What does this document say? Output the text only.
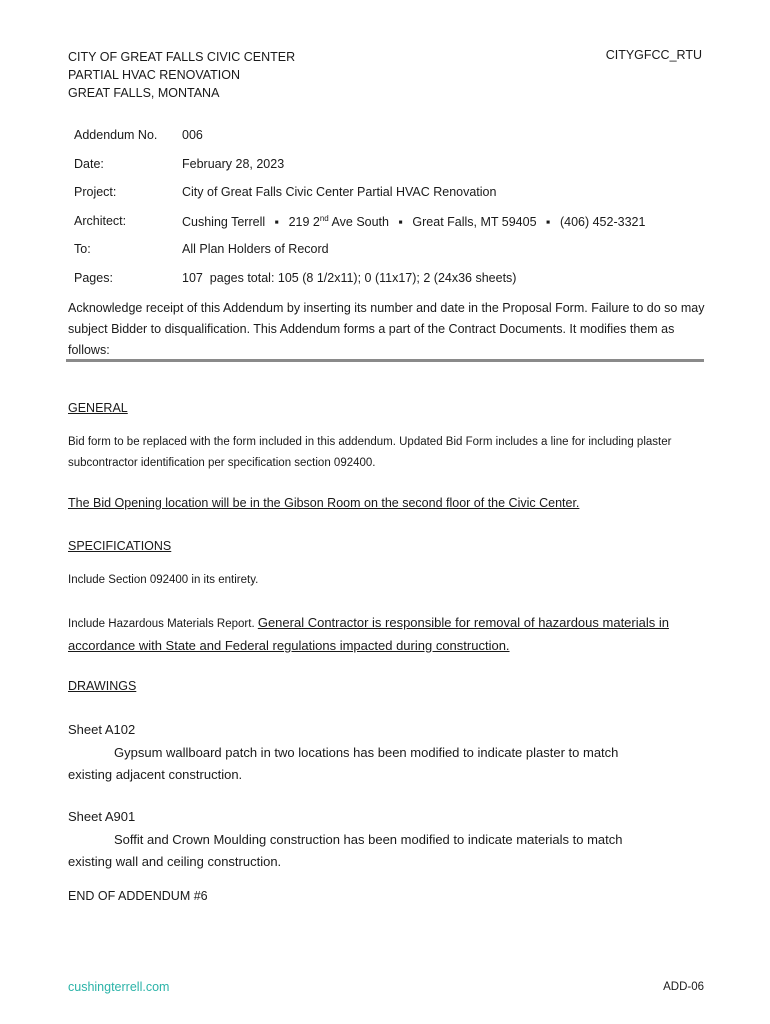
CITY OF GREAT FALLS CIVIC CENTER
PARTIAL HVAC RENOVATION
GREAT FALLS, MONTANA
CITYGFCC_RTU
Addendum No.	006
Date:	February 28, 2023
Project:	City of Great Falls Civic Center Partial HVAC Renovation
Architect:	Cushing Terrell ▪ 219 2nd Ave South ▪ Great Falls, MT 59405 ▪ (406) 452-3321
To:	All Plan Holders of Record
Pages:	107  pages total: 105 (8 1/2x11); 0 (11x17); 2 (24x36 sheets)
Acknowledge receipt of this Addendum by inserting its number and date in the Proposal Form. Failure to do so may subject Bidder to disqualification. This Addendum forms a part of the Contract Documents. It modifies them as follows:
GENERAL
Bid form to be replaced with the form included in this addendum. Updated Bid Form includes a line for including plaster subcontractor identification per specification section 092400.
The Bid Opening location will be in the Gibson Room on the second floor of the Civic Center.
SPECIFICATIONS
Include Section 092400 in its entirety.
Include Hazardous Materials Report. General Contractor is responsible for removal of hazardous materials in accordance with State and Federal regulations impacted during construction.
DRAWINGS
Sheet A102
Gypsum wallboard patch in two locations has been modified to indicate plaster to match
existing adjacent construction.
Sheet A901
Soffit and Crown Moulding construction has been modified to indicate materials to match
existing wall and ceiling construction.
END OF ADDENDUM #6
cushingterrell.com	ADD-06
